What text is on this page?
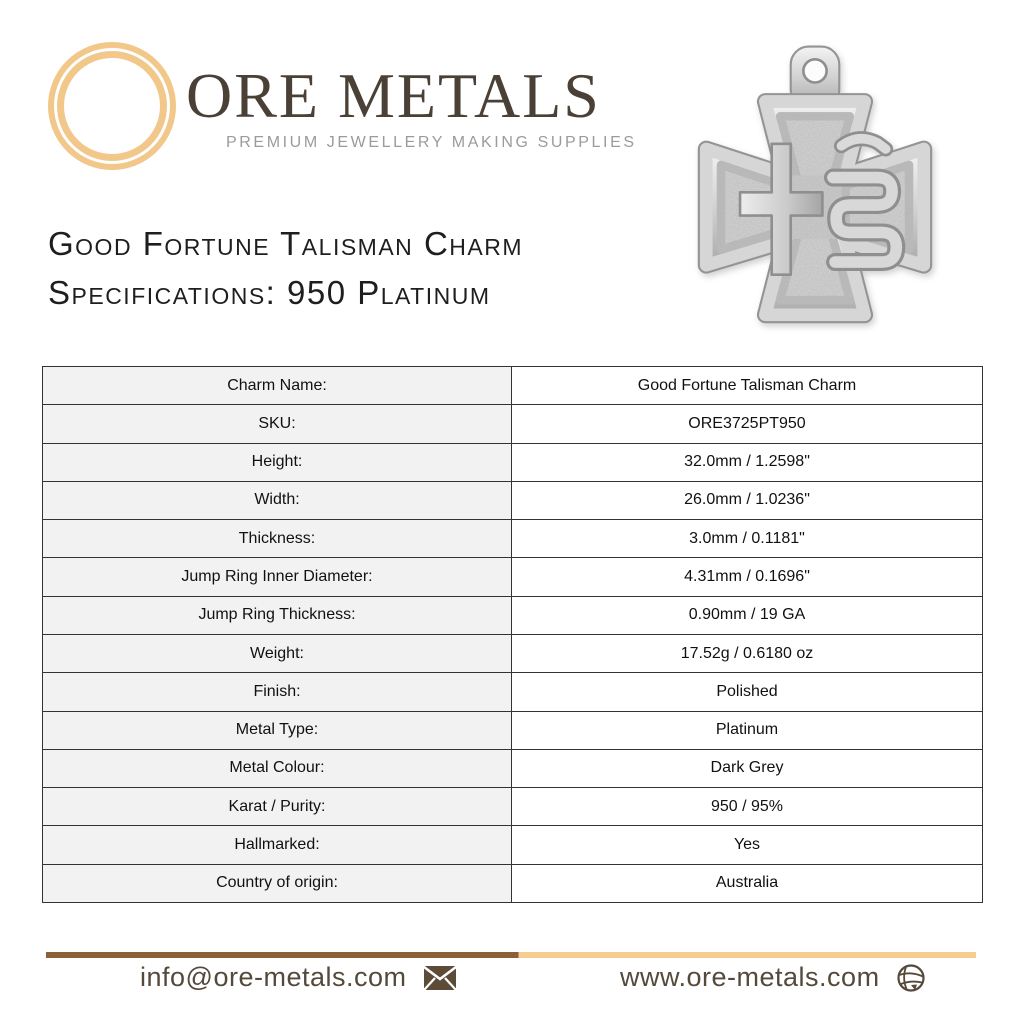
ORE METALS
PREMIUM JEWELLERY MAKING SUPPLIES
Good Fortune Talisman Charm
Specifications: 950 Platinum
Charm Name:	Good Fortune Talisman Charm
SKU:	ORE3725PT950
Height:	32.0mm / 1.2598"
Width:	26.0mm / 1.0236"
Thickness:	3.0mm / 0.1181"
Jump Ring Inner Diameter:	4.31mm / 0.1696"
Jump Ring Thickness:	0.90mm / 19 GA
Weight:	17.52g / 0.6180 oz
Finish:	Polished
Metal Type:	Platinum
Metal Colour:	Dark Grey
Karat / Purity:	950 / 95%
Hallmarked:	Yes
Country of origin:	Australia
info@ore-metals.com	www.ore-metals.com
